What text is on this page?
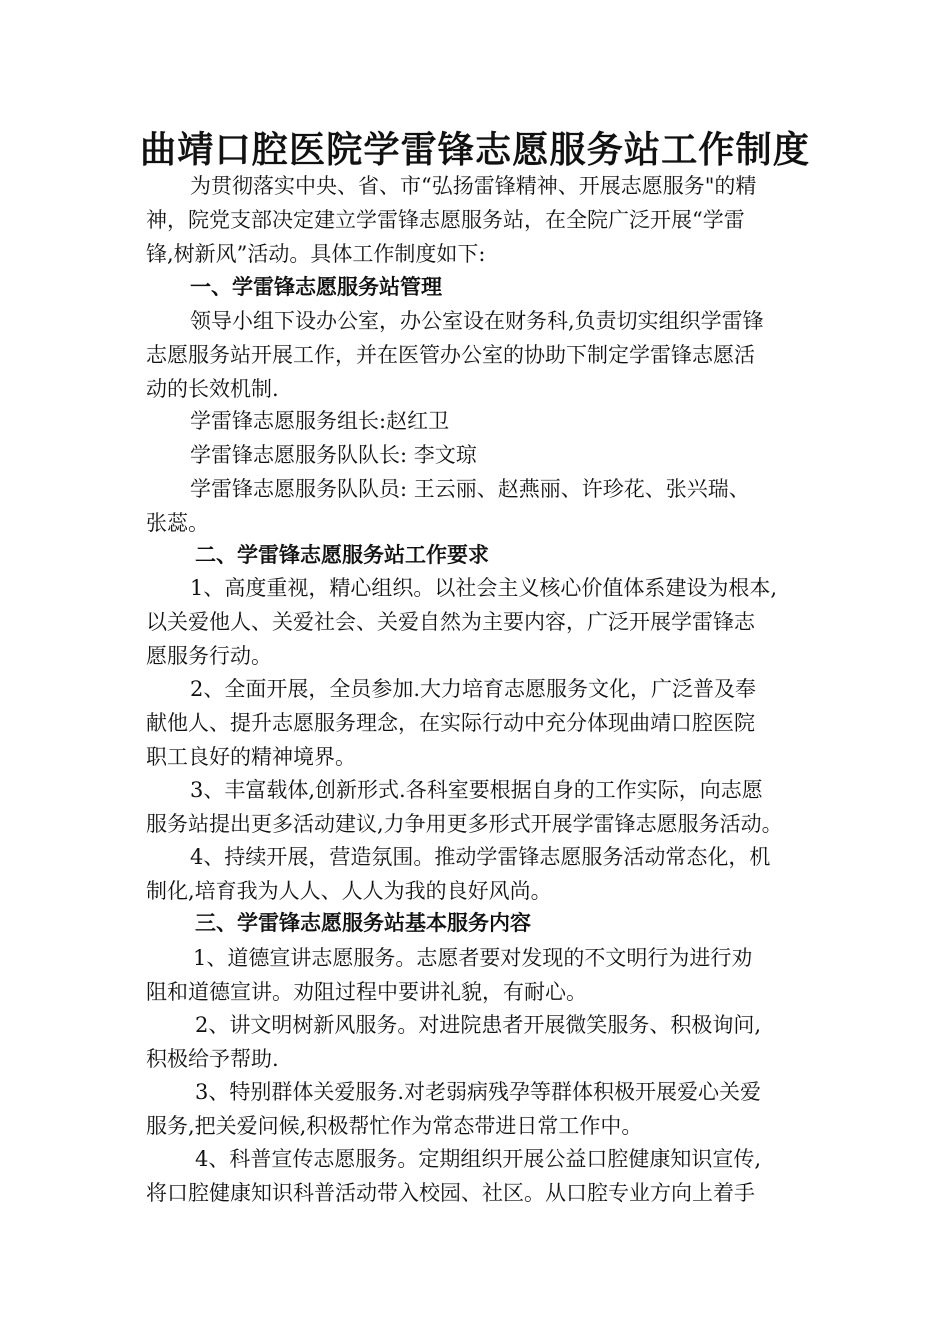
曲靖口腔医院学雷锋志愿服务站工作制度
为贯彻落实中央、省、市“弘扬雷锋精神、开展志愿服务"的精
神，院党支部决定建立学雷锋志愿服务站，在全院广泛开展“学雷
锋,树新风”活动。具体工作制度如下:
一、学雷锋志愿服务站管理
领导小组下设办公室，办公室设在财务科,负责切实组织学雷锋
志愿服务站开展工作，并在医管办公室的协助下制定学雷锋志愿活
动的长效机制.
学雷锋志愿服务组长:赵红卫
学雷锋志愿服务队队长: 李文琼
学雷锋志愿服务队队员: 王云丽、赵燕丽、许珍花、张兴瑞、
张蕊。
二、学雷锋志愿服务站工作要求
1、高度重视，精心组织。以社会主义核心价值体系建设为根本,
以关爱他人、关爱社会、关爱自然为主要内容，广泛开展学雷锋志
愿服务行动。
2、全面开展，全员参加.大力培育志愿服务文化，广泛普及奉
献他人、提升志愿服务理念，在实际行动中充分体现曲靖口腔医院
职工良好的精神境界。
3、丰富载体,创新形式.各科室要根据自身的工作实际，向志愿
服务站提出更多活动建议,力争用更多形式开展学雷锋志愿服务活动。
4、持续开展，营造氛围。推动学雷锋志愿服务活动常态化，机
制化,培育我为人人、人人为我的良好风尚。
三、学雷锋志愿服务站基本服务内容
1、道德宣讲志愿服务。志愿者要对发现的不文明行为进行劝
阻和道德宣讲。劝阻过程中要讲礼貌，有耐心。
2、讲文明树新风服务。对进院患者开展微笑服务、积极询问,
积极给予帮助.
3、特别群体关爱服务.对老弱病残孕等群体积极开展爱心关爱
服务,把关爱问候,积极帮忙作为常态带进日常工作中。
4、科普宣传志愿服务。定期组织开展公益口腔健康知识宣传,
将口腔健康知识科普活动带入校园、社区。从口腔专业方向上着手
